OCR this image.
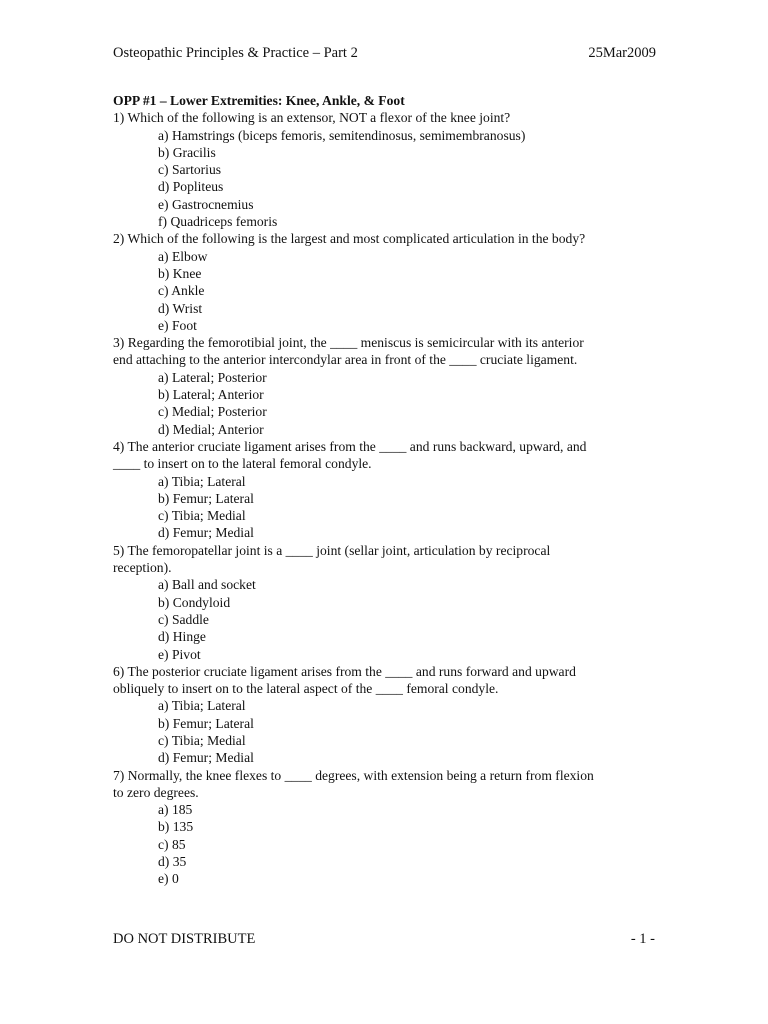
Osteopathic Principles & Practice – Part 2	25Mar2009
OPP #1 – Lower Extremities: Knee, Ankle, & Foot
1) Which of the following is an extensor, NOT a flexor of the knee joint?
a) Hamstrings (biceps femoris, semitendinosus, semimembranosus)
b) Gracilis
c) Sartorius
d) Popliteus
e) Gastrocnemius
f) Quadriceps femoris
2) Which of the following is the largest and most complicated articulation in the body?
a) Elbow
b) Knee
c) Ankle
d) Wrist
e) Foot
3) Regarding the femorotibial joint, the ____ meniscus is semicircular with its anterior
end attaching to the anterior intercondylar area in front of the ____ cruciate ligament.
a) Lateral; Posterior
b) Lateral; Anterior
c) Medial; Posterior
d) Medial; Anterior
4) The anterior cruciate ligament arises from the ____ and runs backward, upward, and
____ to insert on to the lateral femoral condyle.
a) Tibia; Lateral
b) Femur; Lateral
c) Tibia; Medial
d) Femur; Medial
5) The femoropatellar joint is a ____ joint (sellar joint, articulation by reciprocal
reception).
a) Ball and socket
b) Condyloid
c) Saddle
d) Hinge
e) Pivot
6) The posterior cruciate ligament arises from the ____ and runs forward and upward
obliquely to insert on to the lateral aspect of the ____ femoral condyle.
a) Tibia; Lateral
b) Femur; Lateral
c) Tibia; Medial
d) Femur; Medial
7) Normally, the knee flexes to ____ degrees, with extension being a return from flexion
to zero degrees.
a) 185
b) 135
c) 85
d) 35
e) 0
DO NOT DISTRIBUTE	- 1 -
